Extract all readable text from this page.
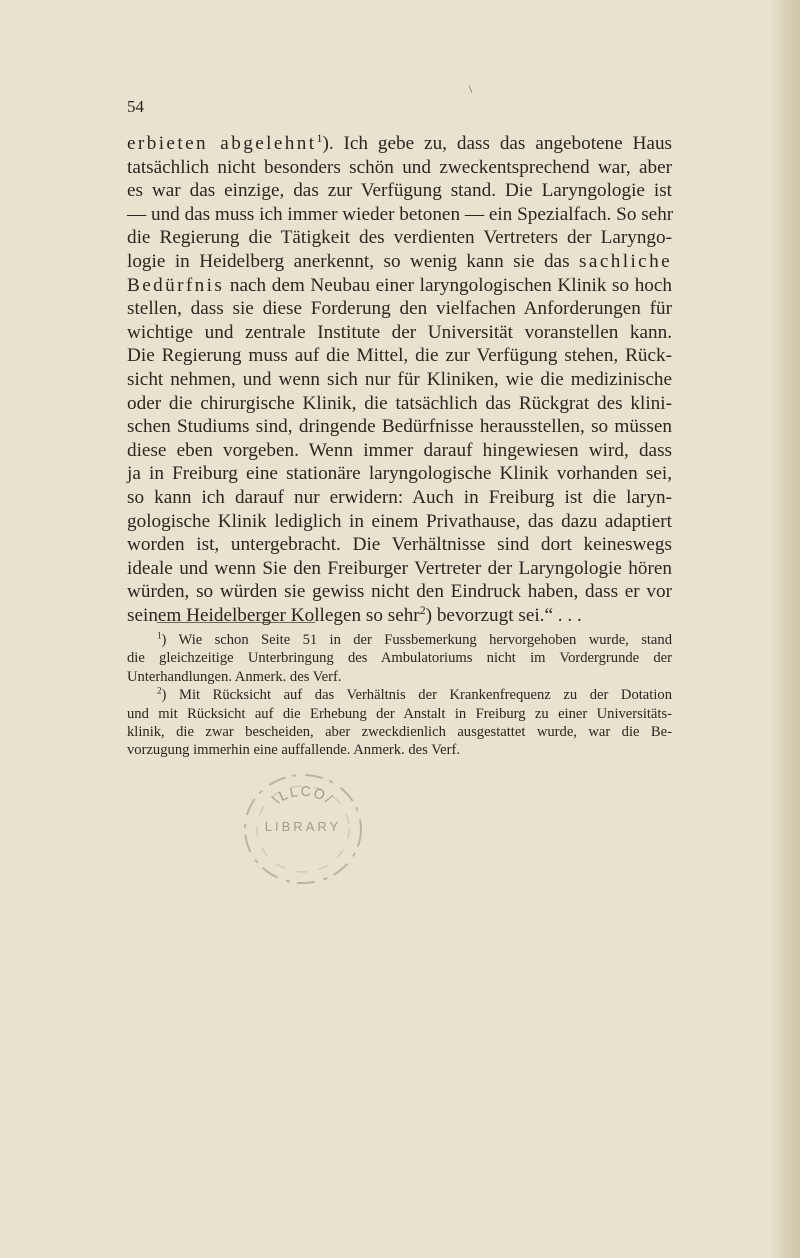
\
54
erbieten abgelehnt$^1$). Ich gebe zu, dass das angebotene Haus
tatsächlich nicht besonders schön und zweckentsprechend war, aber
es war das einzige, das zur Verfügung stand. Die Laryngologie ist
— und das muss ich immer wieder betonen — ein Spezialfach. So sehr
die Regierung die Tätigkeit des verdienten Vertreters der Laryngo-
logie in Heidelberg anerkennt, so wenig kann sie das sachliche
Bedürfnis nach dem Neubau einer laryngologischen Klinik so hoch
stellen, dass sie diese Forderung den vielfachen Anforderungen für
wichtige und zentrale Institute der Universität voranstellen kann.
Die Regierung muss auf die Mittel, die zur Verfügung stehen, Rück-
sicht nehmen, und wenn sich nur für Kliniken, wie die medizinische
oder die chirurgische Klinik, die tatsächlich das Rückgrat des klini-
schen Studiums sind, dringende Bedürfnisse herausstellen, so müssen
diese eben vorgeben. Wenn immer darauf hingewiesen wird, dass
ja in Freiburg eine stationäre laryngologische Klinik vorhanden sei,
so kann ich darauf nur erwidern: Auch in Freiburg ist die laryn-
gologische Klinik lediglich in einem Privathause, das dazu adaptiert
worden ist, untergebracht. Die Verhältnisse sind dort keineswegs
ideale und wenn Sie den Freiburger Vertreter der Laryngologie hören
würden, so würden sie gewiss nicht den Eindruck haben, dass er vor
seinem Heidelberger Kollegen so sehr$^2$) bevorzugt sei.“ . . .
$^1$) Wie schon Seite 51 in der Fussbemerkung hervorgehoben wurde, stand
die gleichzeitige Unterbringung des Ambulatoriums nicht im Vordergrunde der
Unterhandlungen. Anmerk. des Verf.
$^2$) Mit Rücksicht auf das Verhältnis der Krankenfrequenz zu der Dotation
und mit Rücksicht auf die Erhebung der Anstalt in Freiburg zu einer Universitäts-
klinik, die zwar bescheiden, aber zweckdienlich ausgestattet wurde, war die Be-
vorzugung immerhin eine auffallende. Anmerk. des Verf.
\LLCO/
LIBRARY
